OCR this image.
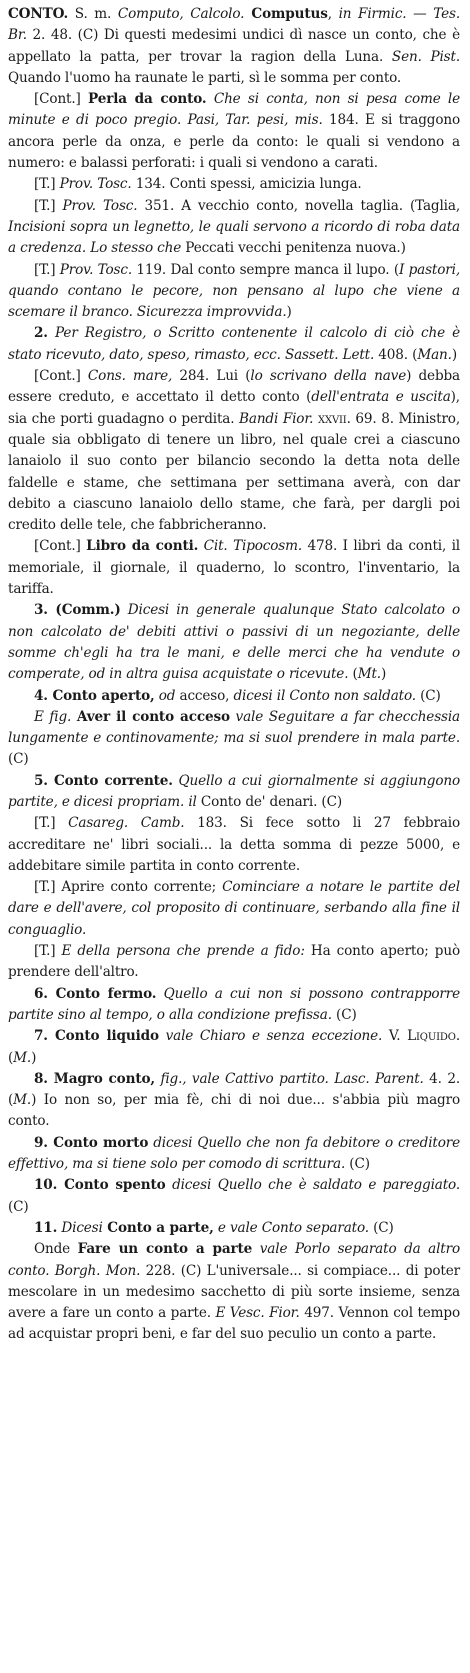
CONTO. S. m. Computo, Calcolo. Computus, in Firmic. — Tes. Br. 2. 48. (C) Di questi medesimi undici dì nasce un conto, che è appellato la patta, per trovar la ragion della Luna. Sen. Pist. Quando l'uomo ha raunate le parti, sì le somma per conto.

[Cont.] Perla da conto. Che si conta, non si pesa come le minute e di poco pregio. Pasi, Tar. pesi, mis. 184. E si traggono ancora perle da onza, e perle da conto: le quali si vendono a numero: e balassi perforati: i quali si vendono a carati.

[T.] Prov. Tosc. 134. Conti spessi, amicizia lunga.

[T.] Prov. Tosc. 351. A vecchio conto, novella taglia. (Taglia, Incisioni sopra un legnetto, le quali servono a ricordo di roba data a credenza. Lo stesso che Peccati vecchi penitenza nuova.)

[T.] Prov. Tosc. 119. Dal conto sempre manca il lupo. (I pastori, quando contano le pecore, non pensano al lupo che viene a scemare il branco. Sicurezza improvvida.)

2. Per Registro, o Scritto contenente il calcolo di ciò che è stato ricevuto, dato, speso, rimasto, ecc. Sassett. Lett. 408. (Man.)

[Cont.] Cons. mare, 284. Lui (lo scrivano della nave) debba essere creduto, e accettato il detto conto (dell'entrata e uscita), sia che porti guadagno o perdita. Bandi Fior. xxvii. 69. 8. Ministro, quale sia obbligato di tenere un libro, nel quale crei a ciascuno lanaiolo il suo conto per bilancio secondo la detta nota delle faldelle e stame, che settimana per settimana averà, con dar debito a ciascuno lanaiolo dello stame, che farà, per dargli poi credito delle tele, che fabbricheranno.

[Cont.] Libro da conti. Cit. Tipocosm. 478. I libri da conti, il memoriale, il giornale, il quaderno, lo scontro, l'inventario, la tariffa.

3. (Comm.) Dicesi in generale qualunque Stato calcolato o non calcolato de' debiti attivi o passivi di un negoziante, delle somme ch'egli ha tra le mani, e delle merci che ha vendute o comperate, od in altra guisa acquistate o ricevute. (Mt.)

4. Conto aperto, od acceso, dicesi il Conto non saldato. (C)

E fig. Aver il conto acceso vale Seguitare a far checchessia lungamente e continovamente; ma si suol prendere in mala parte. (C)

5. Conto corrente. Quello a cui giornalmente si aggiungono partite, e dicesi propriam. il Conto de' denari. (C)

[T.] Casareg. Camb. 183. Si fece sotto li 27 febbraio accreditare ne' libri sociali... la detta somma di pezze 5000, e addebitare simile partita in conto corrente.

[T.] Aprire conto corrente; Cominciare a notare le partite del dare e dell'avere, col proposito di continuare, serbando alla fine il conguaglio.

[T.] E della persona che prende a fido: Ha conto aperto; può prendere dell'altro.

6. Conto fermo. Quello a cui non si possono contrapporre partite sino al tempo, o alla condizione prefissa. (C)

7. Conto liquido vale Chiaro e senza eccezione. V. Liquido. (M.)

8. Magro conto, fig., vale Cattivo partito. Lasc. Parent. 4. 2. (M.) Io non so, per mia fè, chi di noi due... s'abbia più magro conto.

9. Conto morto dicesi Quello che non fa debitore o creditore effettivo, ma si tiene solo per comodo di scrittura. (C)

10. Conto spento dicesi Quello che è saldato e pareggiato. (C)

11. Dicesi Conto a parte, e vale Conto separato. (C)

Onde Fare un conto a parte vale Porlo separato da altro conto. Borgh. Mon. 228. (C) L'universale... si compiace... di poter mescolare in un medesimo sacchetto di più sorte insieme, senza avere a fare un conto a parte. E Vesc. Fior. 497. Vennon col tempo ad acquistar propri beni, e far del suo peculio un conto a parte.
